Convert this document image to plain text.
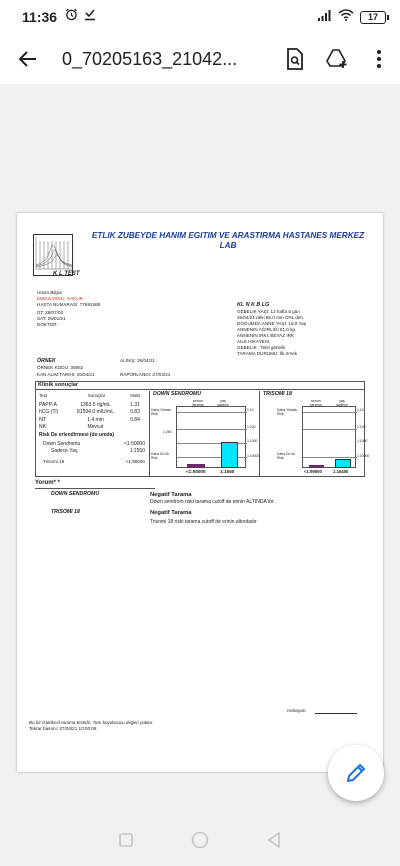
11:36	17
0_70205163_21042...
K L TEST
ETLIK ZUBEYDE HANIM EGITIM VE ARASTIRMA HASTANES MERKEZ
LAB
Hasta Bilgisi
EBM KARSLI, SAKUR
HASTA NUMARASI: 77683468
DT: 28/07/02
SAT: 25/01/21
DOKTOR:
KL N K B LG
GEBELIK YAŞI: 12 hafta 5 gün
26/04/21 deki 65.0 mm CRL den.
DOĞUMDA ANNE YAŞI: 19.0 Yaş
ANNENIN AĞIRLIĞI 61.0 kg
ANNENIN IRKI: BEYAZ IRK
AILE HIKAYESI:
GEBELIK : Tekil gebelik
TARAMA DURUMU: İlk örnek
ÖRNEK	ALINIŞ: 26/04/21
ÖRNEK KODU: 35962
KAN ALIM TARIHI: 26/04/21	RAPORLANDI: 27/04/21
Klinik sonuçlar
Test	Sonuçlar	MoM
PAPP-A	1363.5 ng/mL	1.31
hCG (Tl)	81594.0 mIU/mL	0.83
NT	1.4 mm	0.84
NK:	Mevcut
Risk De erlendirmesi (do umda)
Down Sendromu	<1:50000
Sadece Yaş	1:1550
Trisomi 18	<1:99000
DOWN SENDROMU
serum
tarama
yaş
sadece
Daha Yüksek Risk
Daha Dü ük Risk
1:10
1:100
1:250
1:1000
1:10000
<1:50000	1:1550
TRISOMI 18
serum
tarama
yaş
sadece
Daha Yüksek Risk
Daha Dü ük Risk
1:10
1:100
1:1000
1:10000
<1:99000	1:15400
Yorum* *
DOWN SENDROMU	Negatif Tarama
Down sendrom riski tarama cutoff de erinin ALTINDA'dır.
TRISOMI 18	Negatif Tarama
Trisomi 18 riski tarama cutoff de erinin altındadır
noslayan:
Bu bir istatiksel tarama testidir. Tanı koyducucu değeri yoktur.
Tekrar basımı: 27/04/21 10:00:08
